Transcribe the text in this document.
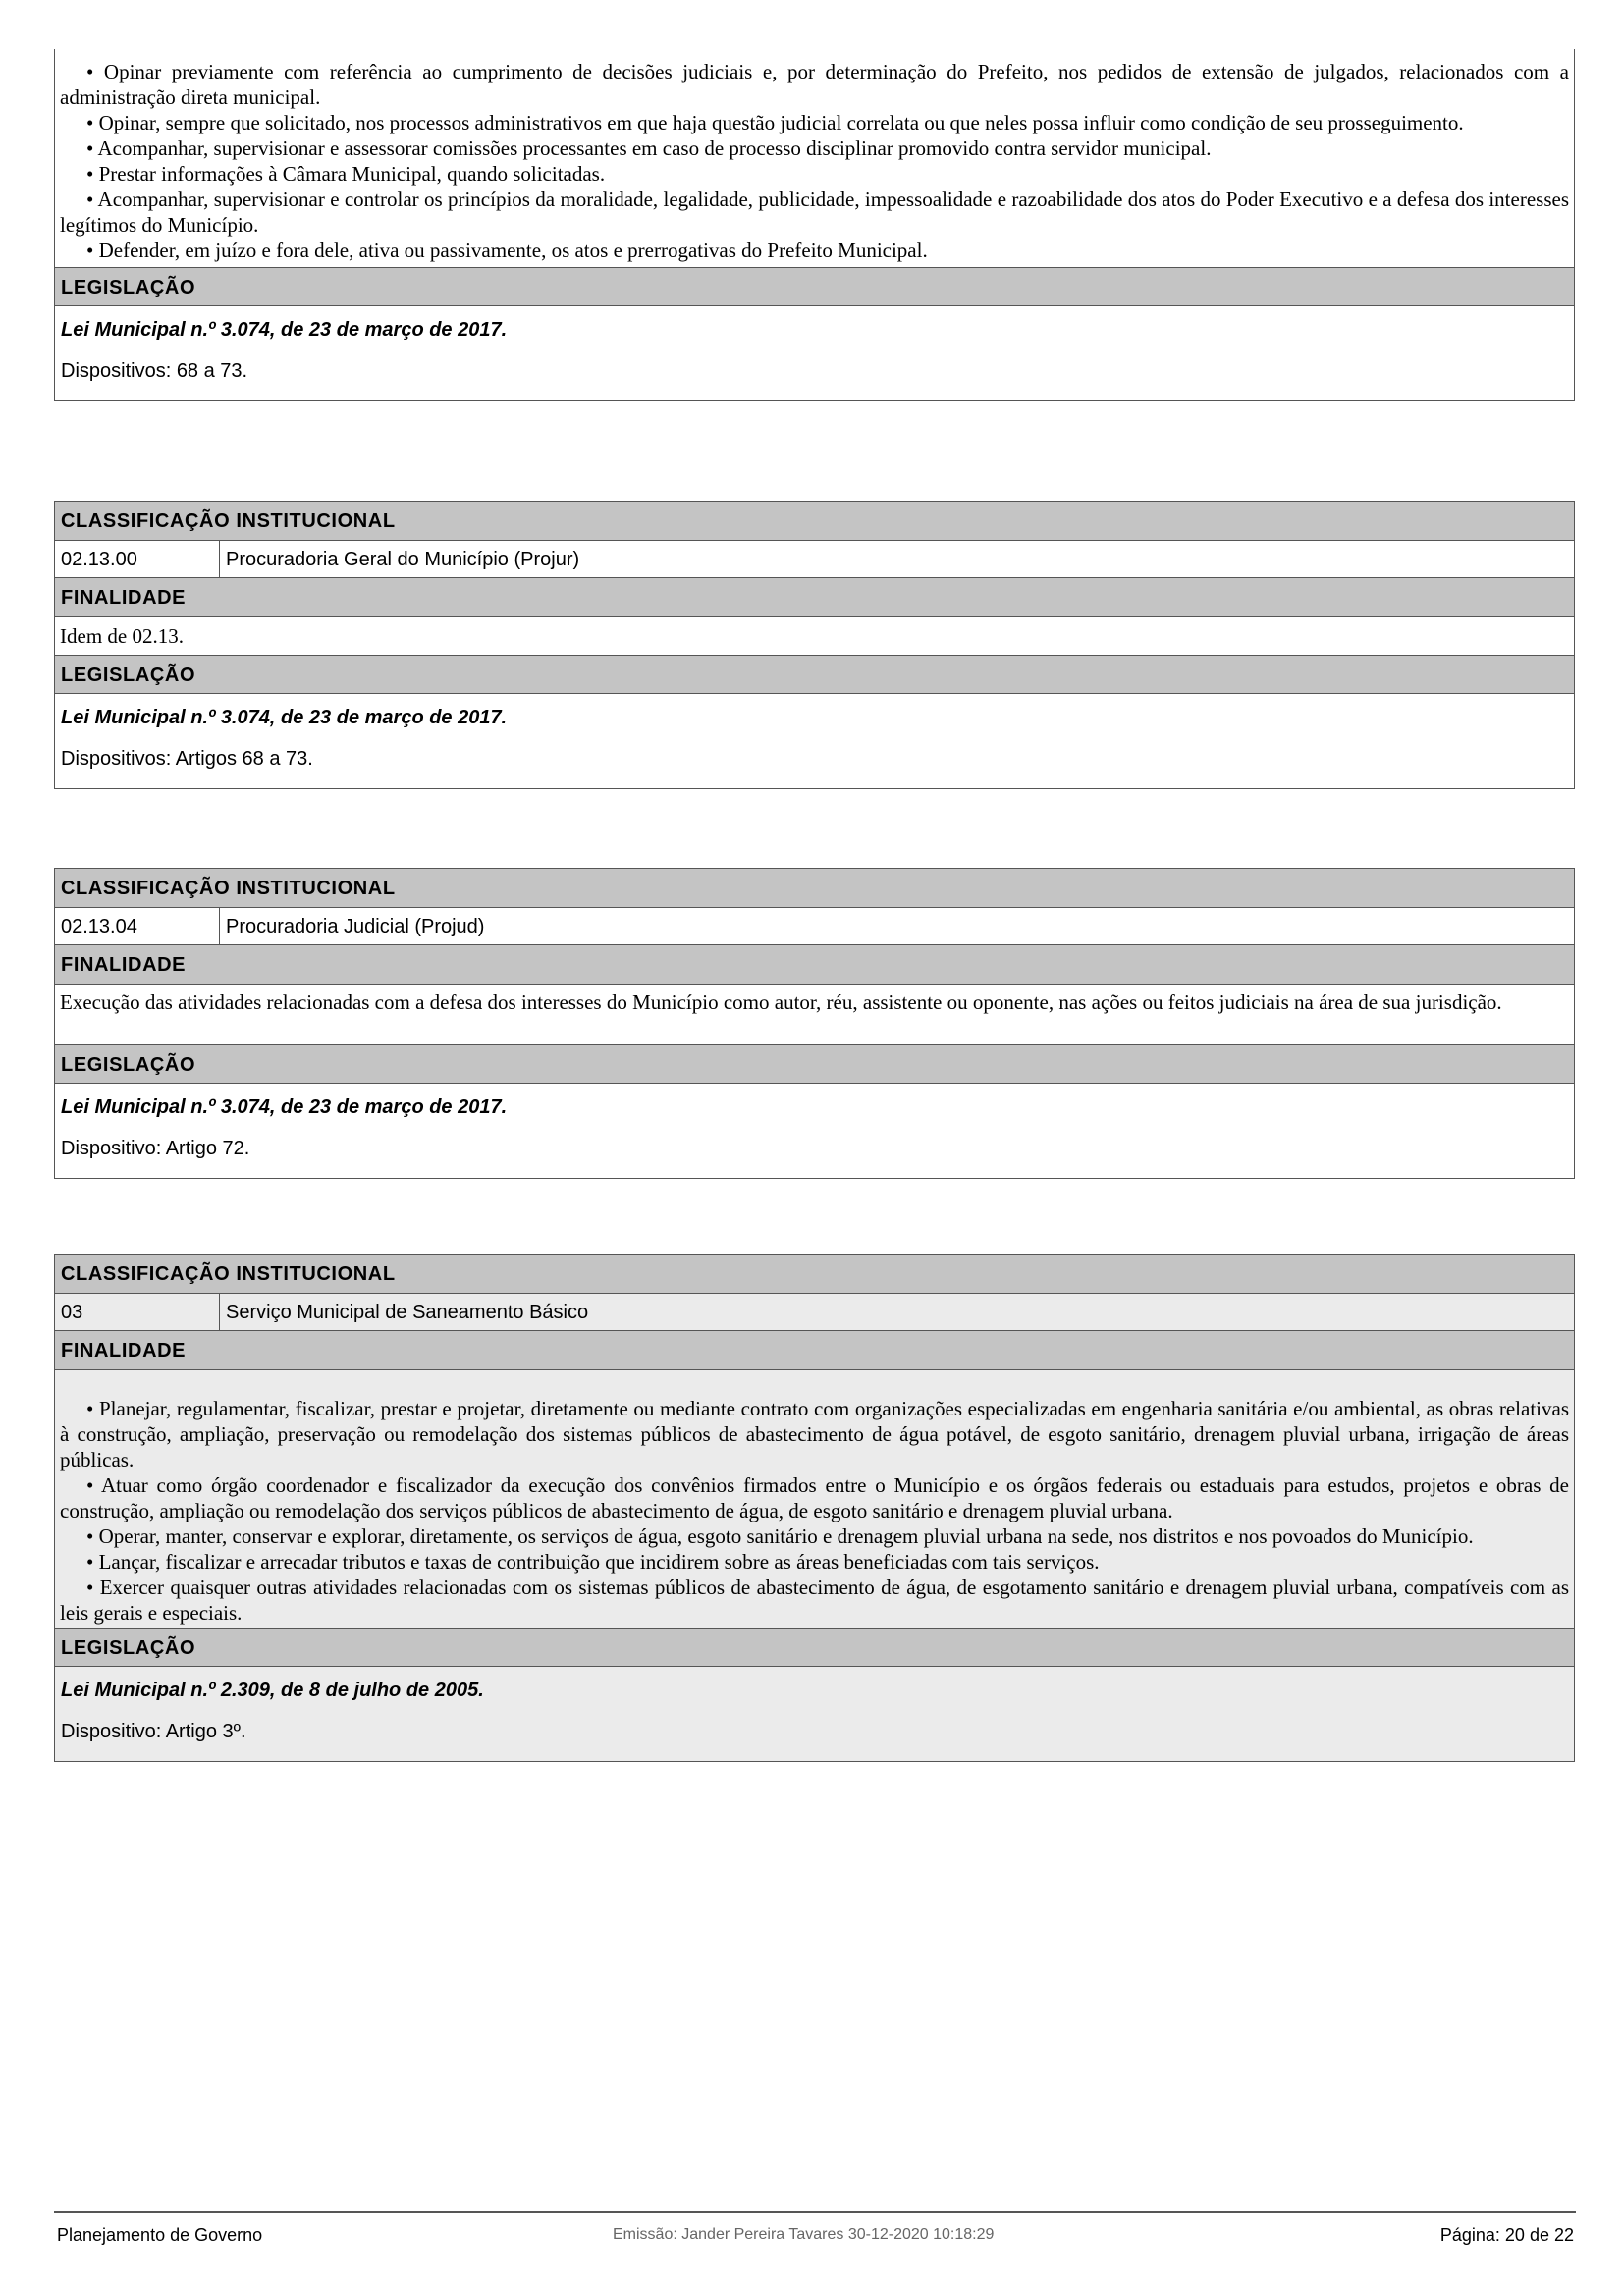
• Opinar previamente com referência ao cumprimento de decisões judiciais e, por determinação do Prefeito, nos pedidos de extensão de julgados, relacionados com a administração direta municipal.

• Opinar, sempre que solicitado, nos processos administrativos em que haja questão judicial correlata ou que neles possa influir como condição de seu prosseguimento.

• Acompanhar, supervisionar e assessorar comissões processantes em caso de processo disciplinar promovido contra servidor municipal.

• Prestar informações à Câmara Municipal, quando solicitadas.

• Acompanhar, supervisionar e controlar os princípios da moralidade, legalidade, publicidade, impessoalidade e razoabilidade dos atos do Poder Executivo e a defesa dos interesses legítimos do Município.

• Defender, em juízo e fora dele, ativa ou passivamente, os atos e prerrogativas do Prefeito Municipal.

LEGISLAÇÃO
Lei Municipal n.º 3.074, de 23 de março de 2017.
Dispositivos: 68 a 73.
CLASSIFICAÇÃO INSTITUCIONAL
02.13.00	Procuradoria Geral do Município (Projur)
FINALIDADE
Idem de 02.13.
LEGISLAÇÃO
Lei Municipal n.º 3.074, de 23 de março de 2017.
Dispositivos: Artigos 68 a 73.
CLASSIFICAÇÃO INSTITUCIONAL
02.13.04	Procuradoria Judicial (Projud)
FINALIDADE
Execução das atividades relacionadas com a defesa dos interesses do Município como autor, réu, assistente ou oponente, nas ações ou feitos judiciais na área de sua jurisdição.
LEGISLAÇÃO
Lei Municipal n.º 3.074, de 23 de março de 2017.
Dispositivo: Artigo 72.
CLASSIFICAÇÃO INSTITUCIONAL
03	Serviço Municipal de Saneamento Básico
FINALIDADE

• Planejar, regulamentar, fiscalizar, prestar e projetar, diretamente ou mediante contrato com organizações especializadas em engenharia sanitária e/ou ambiental, as obras relativas à construção, ampliação, preservação ou remodelação dos sistemas públicos de abastecimento de água potável, de esgoto sanitário, drenagem pluvial urbana, irrigação de áreas públicas.

• Atuar como órgão coordenador e fiscalizador da execução dos convênios firmados entre o Município e os órgãos federais ou estaduais para estudos, projetos e obras de construção, ampliação ou remodelação dos serviços públicos de abastecimento de água, de esgoto sanitário e drenagem pluvial urbana.

• Operar, manter, conservar e explorar, diretamente, os serviços de água, esgoto sanitário e drenagem pluvial urbana na sede, nos distritos e nos povoados do Município.

• Lançar, fiscalizar e arrecadar tributos e taxas de contribuição que incidirem sobre as áreas beneficiadas com tais serviços.

• Exercer quaisquer outras atividades relacionadas com os sistemas públicos de abastecimento de água, de esgotamento sanitário e drenagem pluvial urbana, compatíveis com as leis gerais e especiais.

LEGISLAÇÃO
Lei Municipal n.º 2.309, de 8 de julho de 2005.
Dispositivo: Artigo 3º.
Planejamento de Governo	Emissão: Jander Pereira Tavares 30-12-2020 10:18:29	Página: 20 de 22
